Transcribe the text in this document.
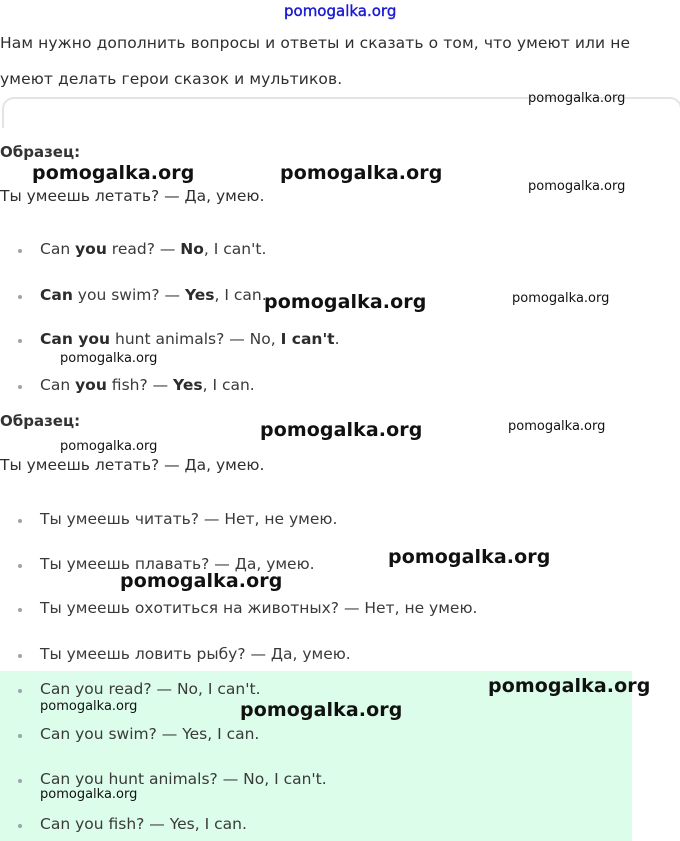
pomogalka.org
Нам нужно дополнить вопросы и ответы и сказать о том, что умеют или не
умеют делать герои сказок и мультиков.
Образец:
Ты умеешь летать? — Да, умею.
Can you read? — No, I can't.
Can you swim? — Yes, I can.
Can you hunt animals? — No, I can't.
Can you fish? — Yes, I can.
Образец:
Ты умеешь летать? — Да, умею.
Ты умеешь читать? — Нет, не умею.
Ты умеешь плавать? — Да, умею.
Ты умеешь охотиться на животных? — Нет, не умею.
Ты умеешь ловить рыбу? — Да, умею.
Can you read? — No, I can't.
Can you swim? — Yes, I can.
Can you hunt animals? — No, I can't.
Can you fish? — Yes, I can.
pomogalka.org
pomogalka.org	pomogalka.org
pomogalka.org
pomogalka.org	pomogalka.org
pomogalka.org
pomogalka.org
pomogalka.org	pomogalka.org
pomogalka.org
pomogalka.org
pomogalka.org
pomogalka.org	pomogalka.org
pomogalka.org
